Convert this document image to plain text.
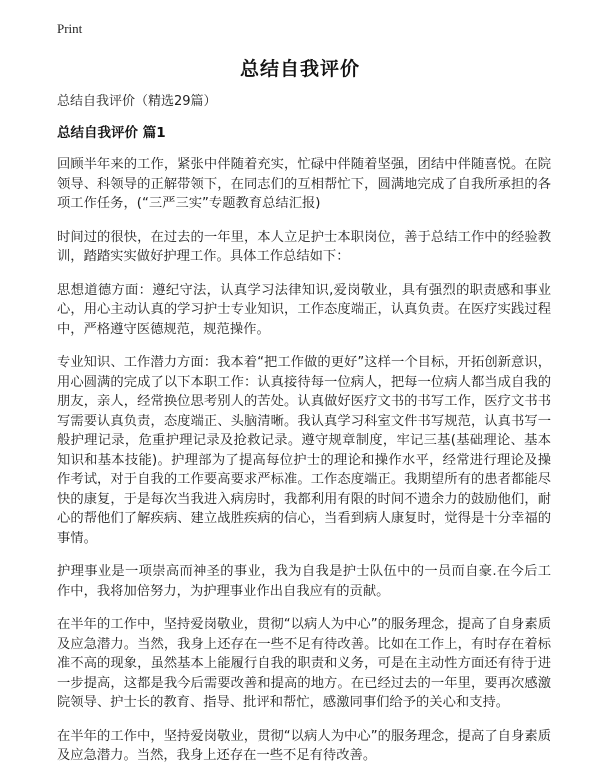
Print
总结自我评价

总结自我评价（精选29篇）

总结自我评价 篇1

回顾半年来的工作，紧张中伴随着充实，忙碌中伴随着坚强，团结中伴随喜悦。在院领导、科领导的正解带领下，在同志们的互相帮忙下，圆满地完成了自我所承担的各项工作任务，(“三严三实”专题教育总结汇报)

时间过的很快，在过去的一年里，本人立足护士本职岗位，善于总结工作中的经验教训，踏踏实实做好护理工作。具体工作总结如下：

思想道德方面：遵纪守法，认真学习法律知识,爱岗敬业，具有强烈的职责感和事业心，用心主动认真的学习护士专业知识，工作态度端正，认真负责。在医疗实践过程中，严格遵守医德规范，规范操作。

专业知识、工作潜力方面：我本着“把工作做的更好”这样一个目标，开拓创新意识，用心圆满的完成了以下本职工作：认真接待每一位病人，把每一位病人都当成自我的朋友，亲人，经常换位思考别人的苦处。认真做好医疗文书的书写工作，医疗文书书写需要认真负责，态度端正、头脑清晰。我认真学习科室文件书写规范，认真书写一般护理记录，危重护理记录及抢救记录。遵守规章制度，牢记三基(基础理论、基本知识和基本技能)。护理部为了提高每位护士的理论和操作水平，经常进行理论及操作考试，对于自我的工作要高要求严标准。工作态度端正。我期望所有的患者都能尽快的康复，于是每次当我进入病房时，我都利用有限的时间不遗余力的鼓励他们，耐心的帮他们了解疾病、建立战胜疾病的信心，当看到病人康复时，觉得是十分幸福的事情。

护理事业是一项崇高而神圣的事业，我为自我是护士队伍中的一员而自豪.在今后工作中，我将加倍努力，为护理事业作出自我应有的贡献。

在半年的工作中，坚持爱岗敬业，贯彻“以病人为中心”的服务理念，提高了自身素质及应急潜力。当然，我身上还存在一些不足有待改善。比如在工作上，有时存在着标准不高的现象，虽然基本上能履行自我的职责和义务，可是在主动性方面还有待于进一步提高，这都是我今后需要改善和提高的地方。在已经过去的一年里，要再次感激院领导、护士长的教育、指导、批评和帮忙，感激同事们给予的关心和支持。

在半年的工作中，坚持爱岗敬业，贯彻“以病人为中心”的服务理念，提高了自身素质及应急潜力。当然，我身上还存在一些不足有待改善。
